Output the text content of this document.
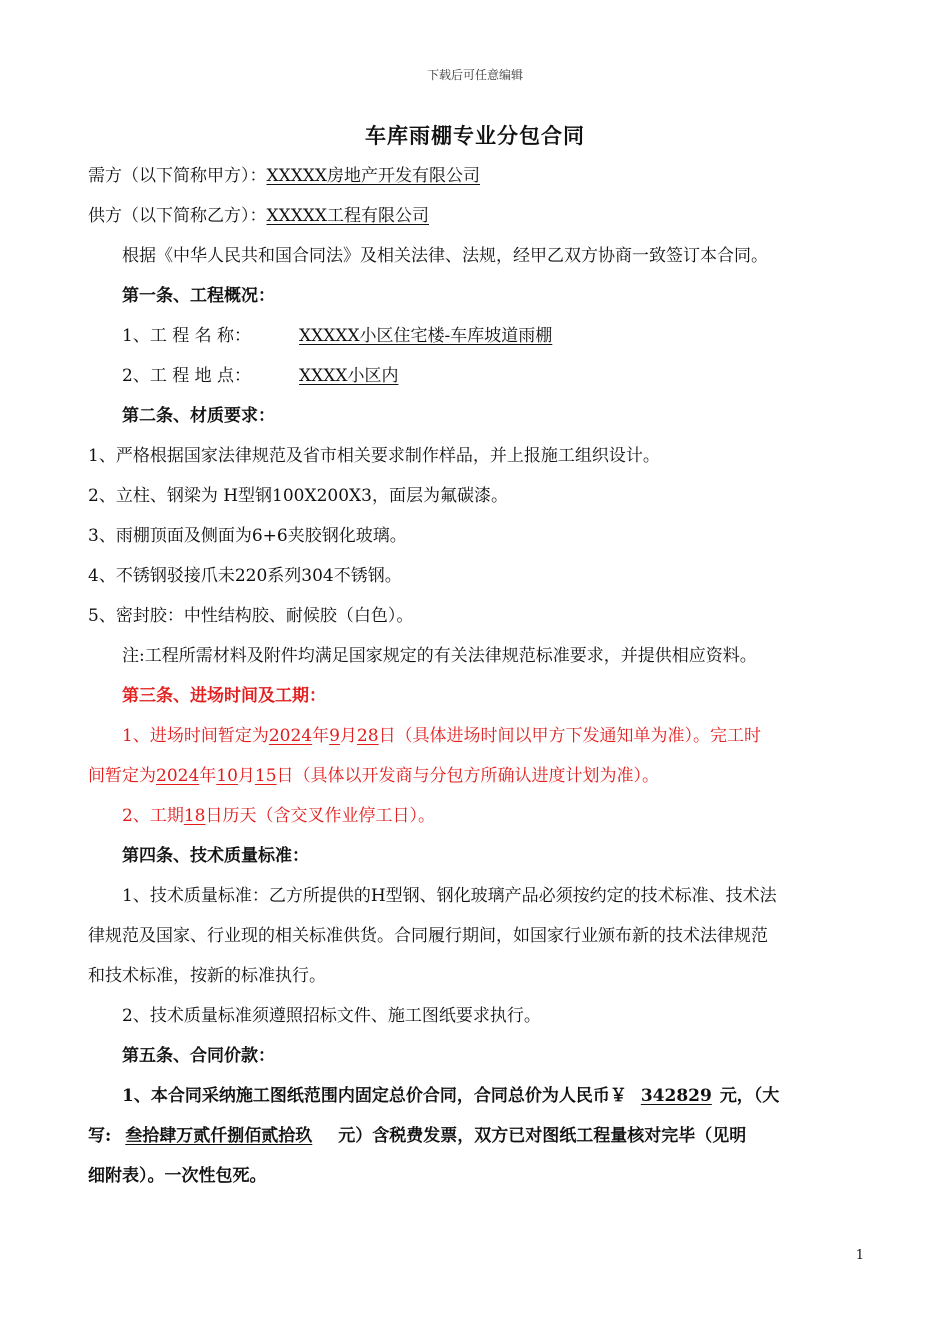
下载后可任意编辑
车库雨棚专业分包合同
需方（以下简称甲方）：XXXXX房地产开发有限公司
供方（以下简称乙方）：XXXXX工程有限公司
根据《中华人民共和国合同法》及相关法律、法规，经甲乙双方协商一致签订本合同。
第一条、工程概况：
1、工 程 名 称：	XXXXX小区住宅楼-车库坡道雨棚
2、工 程 地 点：	XXXX小区内
第二条、材质要求：
1、严格根据国家法律规范及省市相关要求制作样品，并上报施工组织设计。
2、立柱、钢梁为 H型钢100X200X3，面层为氟碳漆。
3、雨棚顶面及侧面为6+6夹胶钢化玻璃。
4、不锈钢驳接爪未220系列304不锈钢。
5、密封胶：中性结构胶、耐候胶（白色）。
注:工程所需材料及附件均满足国家规定的有关法律规范标准要求，并提供相应资料。
第三条、进场时间及工期：
1、进场时间暂定为2024年9月28日（具体进场时间以甲方下发通知单为准）。完工时
间暂定为2024年10月15日（具体以开发商与分包方所确认进度计划为准）。
2、工期18日历天（含交叉作业停工日）。
第四条、技术质量标准：
1、技术质量标准：乙方所提供的H型钢、钢化玻璃产品必须按约定的技术标准、技术法
律规范及国家、行业现的相关标准供货。合同履行期间，如国家行业颁布新的技术法律规范
和技术标准，按新的标准执行。
2、技术质量标准须遵照招标文件、施工图纸要求执行。
第五条、合同价款：
1、本合同采纳施工图纸范围内固定总价合同，合同总价为人民币￥ 342829 元，（大
写: 叁拾肆万贰仟捌佰贰拾玖 元）含税费发票，双方已对图纸工程量核对完毕（见明
细附表）。一次性包死。
1
